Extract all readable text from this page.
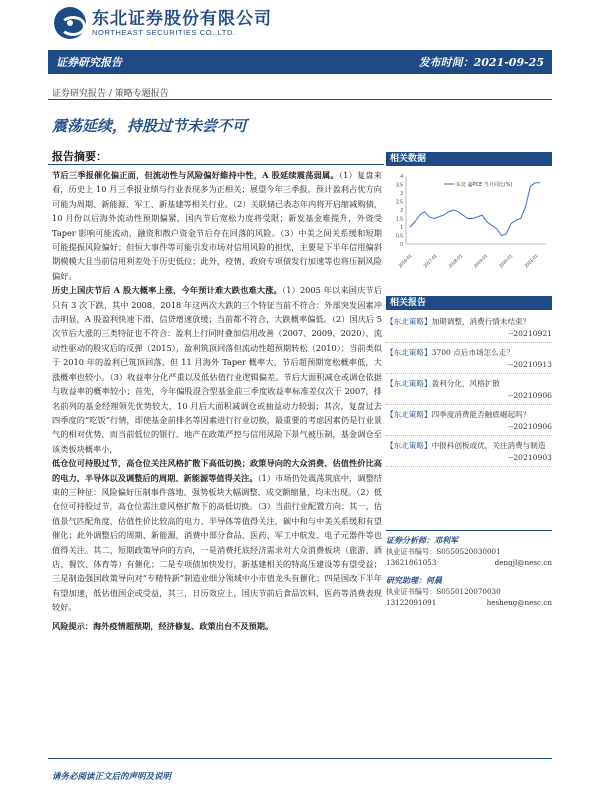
东北证券股份有限公司
NORTHEAST SECURITIES CO.,LTD.
证券研究报告	发布时间：2021-09-25
证券研究报告 / 策略专题报告
震荡延续，持股过节未尝不可
报告摘要：

节后三季报催化偏正面，但流动性与风险偏好維持中性，A 股延续震荡弱属。（1）复盘来看，历史上 10 月三季报业绩与行业表现多为正相关；展望今年三季报，预计盈利占优方向可能为周期、新能源、军工、新基建等相关行业。（2）关联储已表态年内将开启缩减购债，10 月份以后海外流动性预期偏紧，国内节后宽松力度将受限；新发基金难提升，外资受 Taper 影响可能流动，融资和散户资金节后存在回落的风险。（3）中美之间关系缓和短期可能提振风险偏好；但恒大事件等可能引发市场对信用风险的担忧，主要是下半年信用偏斜期模模大且当前信用利差处于历史低位；此外，疫情、政府专项债发行加速等也将压制风险偏好。

历史上国庆节后 A 股大概率上涨，今年预计难大跌也难大涨。（1）2005 年以来国庆节后只有 3 次下跌，其中 2008、2018 年这两次大跌的三个特征当前不符合：外部突发因素冲击明显，A 股盈利快速下滑，信贷增速放缓；当前都不符合，大跌概率偏低。（2）国庆后 5 次节后大涨的三类特征也不符合：盈利上行同时叠加信用改善（2007、2009、2020），流动性驱动的股灾后的反弹（2015），盈利筑顶回落但流动性超预期转松（2010）；当前类似于 2010 年的盈利已筑顶回落，但 11 月海外 Taper 概率大，节后超预期宽松概率低，大涨概率也较小。（3）收益率分化严重以及低估值行业逻辑偏差。节后大面积减仓或调仓依据与收益率的概率较小；首先，今年偏股混合型基金前三季度收益率标准差仅次于 2007，排名前列的基金经理领先优势较大，10 月后大面积减调仓或抽益动力较弱；其次，复盘过去四季度的“吃饭”行情，即使基金前排名等因素进行行业切换，最重要的考虑因素仍是行业景气的相对优势，而当前低位的银行、地产在政策严控与信用风险下景气被压制，基金调仓至该类板块概率小，

低仓位可持股过节，高仓位关注风格扩散下高低切换；政策导向的大众消费、估值性价比高的电力、半导体以及调整后的周期、新能源等值得关注。（1）市场仍处震荡筑底中，调整结束的三种征：风险偏好压制事件落地、强势板块大幅调整、成交额缩量，均未出现。（2）低仓位可持股过节，高仓位需注意风格扩散下的高低切换。（3）当前行业配置方向：其一，估值景气匹配角度，估值性价比较高的电力、半导体等值得关注，碳中和与中美关系缓和有望催化；此外调整后的周期、新能源，消费中部分食品、医药、军工中航发、电子元器件等也值得关注。其二，短期政策导向的方向，一是消费托底经济需求对大众消费板块（旅游、酒店、餐饮、体育等）有催化；二是专项债加快发行，新基建相关的特高压建设等有望受益；三是制造强国政策导向对“专精特新”制造业细分领域中小市值龙头有催化；四是国改下半年有望加速，低估值国企或受益，其三，日历效应上，国庆节前后食品饮料，医药等消费表现较好。

风险提示：海外疫情超预期，经济修复、政策出台不及预期。

相关数据
4
3.5
3
2.5
2
1.5
1
0.5
0
2016-01 2017-01 2018-01 2019-01 2020-01 2021-01
东北 @PCE 当月同比(%)
相关报告
【东北策略】加期调整，消费行情未结束？
--20210921
【东北策略】3700 点后市场怎么走？
--20210913
【东北策略】盈利分化，风格扩散
--20210906
【东北策略】四季度消费能否触底崛起吗？
--20210906
【东北策略】中报科创板或优，关注消费与制造
--20210903
证券分析师：邓利军
执业证书编号：S0550520030001
13621861053	dengjl@nesc.cn
研究助理：何晨
执业证书编号：S0550120070030
13122091091	hesheng@nesc.cn
请务必阅读正文后的声明及说明
